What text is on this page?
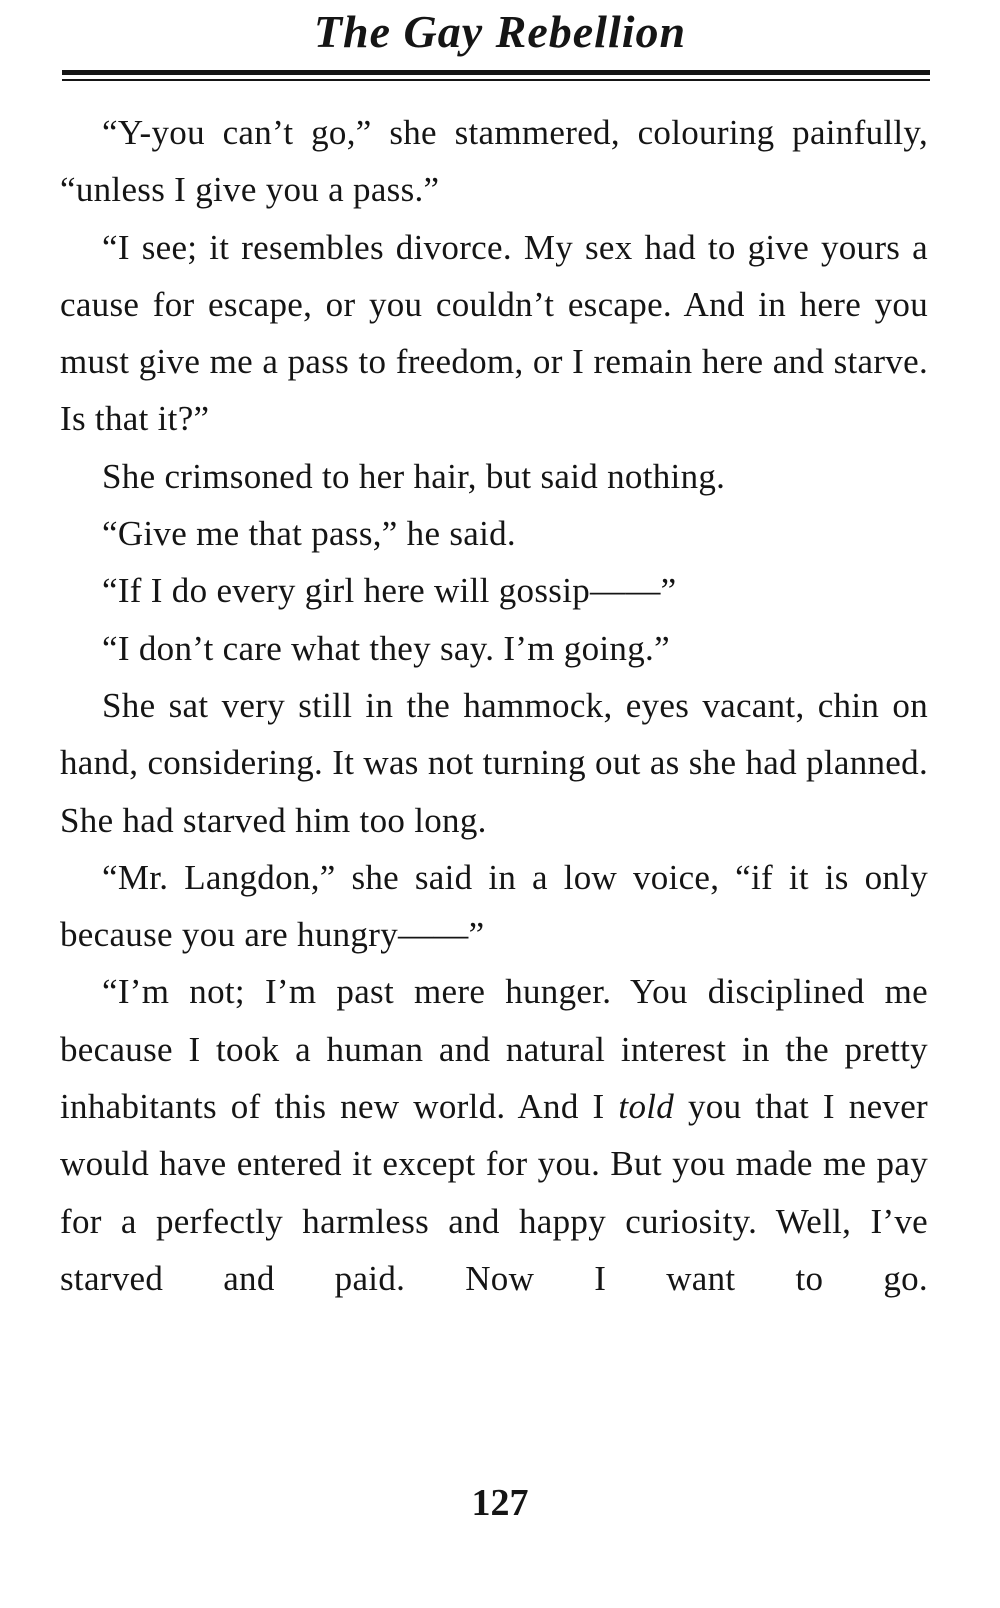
The Gay Rebellion

“Y-you can’t go,” she stammered, colouring painfully, “unless I give you a pass.”

“I see; it resembles divorce. My sex had to give yours a cause for escape, or you couldn’t escape. And in here you must give me a pass to freedom, or I remain here and starve. Is that it?”

She crimsoned to her hair, but said nothing.

“Give me that pass,” he said.

“If I do every girl here will gossip——”

“I don’t care what they say. I’m going.”

She sat very still in the hammock, eyes vacant, chin on hand, considering. It was not turning out as she had planned. She had starved him too long.

“Mr. Langdon,” she said in a low voice, “if it is only because you are hungry——”

“I’m not; I’m past mere hunger. You disciplined me because I took a human and natural interest in the pretty inhabitants of this new world. And I told you that I never would have entered it except for you. But you made me pay for a perfectly harmless and happy curiosity. Well, I’ve starved and paid. Now I want to go.

127
